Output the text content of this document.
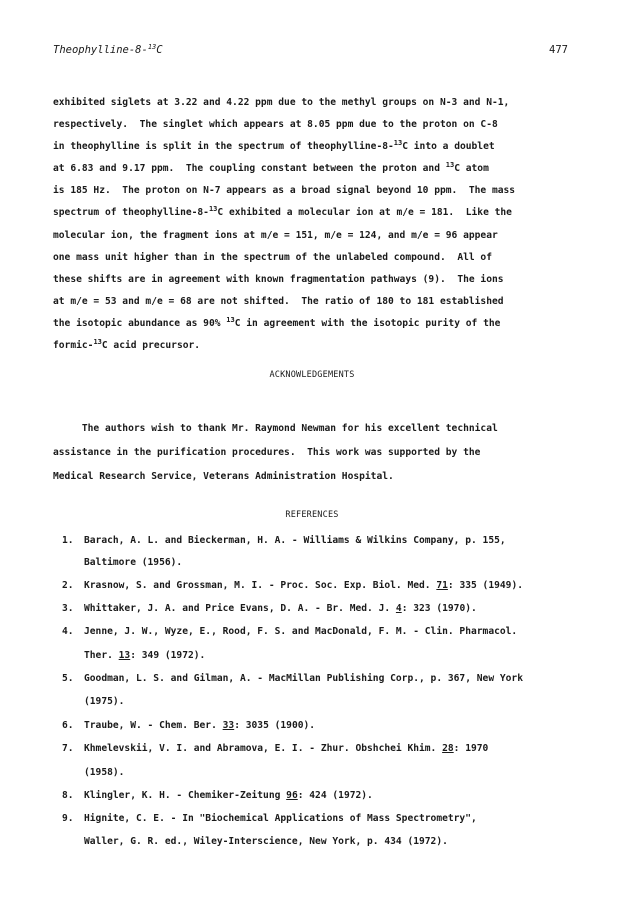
Theophylline-8-$^{13}$C	477
exhibited siglets at 3.22 and 4.22 ppm due to the methyl groups on N-3 and N-1,
respectively.  The singlet which appears at 8.05 ppm due to the proton on C-8
in theophylline is split in the spectrum of theophylline-8-$^{13}$C into a doublet
at 6.83 and 9.17 ppm.  The coupling constant between the proton and $^{13}$C atom
is 185 Hz.  The proton on N-7 appears as a broad signal beyond 10 ppm.  The mass
spectrum of theophylline-8-$^{13}$C exhibited a molecular ion at m/e = 181.  Like the
molecular ion, the fragment ions at m/e = 151, m/e = 124, and m/e = 96 appear
one mass unit higher than in the spectrum of the unlabeled compound.  All of
these shifts are in agreement with known fragmentation pathways (9).  The ions
at m/e = 53 and m/e = 68 are not shifted.  The ratio of 180 to 181 established
the isotopic abundance as 90% $^{13}$C in agreement with the isotopic purity of the
formic-$^{13}$C acid precursor.
ACKNOWLEDGEMENTS
The authors wish to thank Mr. Raymond Newman for his excellent technical
assistance in the purification procedures.  This work was supported by the
Medical Research Service, Veterans Administration Hospital.
REFERENCES
1. Barach, A. L. and Bieckerman, H. A. - Williams & Wilkins Company, p. 155,
Baltimore (1956).
2. Krasnow, S. and Grossman, M. I. - Proc. Soc. Exp. Biol. Med. 71: 335 (1949).
3. Whittaker, J. A. and Price Evans, D. A. - Br. Med. J. 4: 323 (1970).
4. Jenne, J. W., Wyze, E., Rood, F. S. and MacDonald, F. M. - Clin. Pharmacol.
Ther. 13: 349 (1972).
5. Goodman, L. S. and Gilman, A. - MacMillan Publishing Corp., p. 367, New York
(1975).
6. Traube, W. - Chem. Ber. 33: 3035 (1900).
7. Khmelevskii, V. I. and Abramova, E. I. - Zhur. Obshchei Khim. 28: 1970
(1958).
8. Klingler, K. H. - Chemiker-Zeitung 96: 424 (1972).
9. Hignite, C. E. - In "Biochemical Applications of Mass Spectrometry",
Waller, G. R. ed., Wiley-Interscience, New York, p. 434 (1972).
